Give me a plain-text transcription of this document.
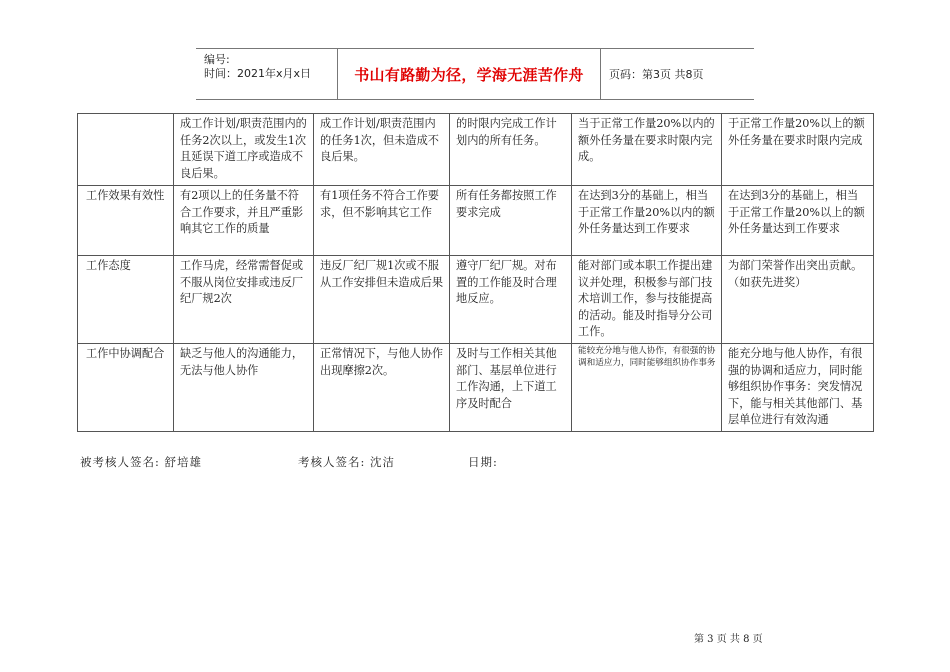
编号:
时间：2021年x月x日	书山有路勤为径，学海无涯苦作舟	页码：第3页 共8页
	成工作计划/职责范围内的任务2次以上，或发生1次且延误下道工序或造成不良后果。	成工作计划/职责范围内的任务1次，但未造成不良后果。	的时限内完成工作计划内的所有任务。	当于正常工作量20%以内的额外任务量在要求时限内完成。	于正常工作量20%以上的额外任务量在要求时限内完成
工作效果有效性	有2项以上的任务量不符合工作要求，并且严重影响其它工作的质量	有1项任务不符合工作要求，但不影响其它工作	所有任务都按照工作要求完成	在达到3分的基础上，相当于正常工作量20%以内的额外任务量达到工作要求	在达到3分的基础上，相当于正常工作量20%以上的额外任务量达到工作要求
工作态度	工作马虎，经常需督促或不服从岗位安排或违反厂纪厂规2次	违反厂纪厂规1次或不服从工作安排但未造成后果	遵守厂纪厂规。对布置的工作能及时合理地反应。	能对部门或本职工作提出建议并处理，积极参与部门技术培训工作，参与技能提高的活动。能及时指导分公司工作。	为部门荣誉作出突出贡献。（如获先进奖）
工作中协调配合	缺乏与他人的沟通能力，无法与他人协作	正常情况下，与他人协作出现摩擦2次。	及时与工作相关其他部门、基层单位进行工作沟通，上下道工序及时配合	能较充分地与他人协作，有很强的协调和适应力，同时能够组织协作事务	能充分地与他人协作，有很强的协调和适应力，同时能够组织协作事务：突发情况下，能与相关其他部门、基层单位进行有效沟通
被考核人签名: 舒培雄	考核人签名: 沈洁	日期:
第 3 页 共 8 页
